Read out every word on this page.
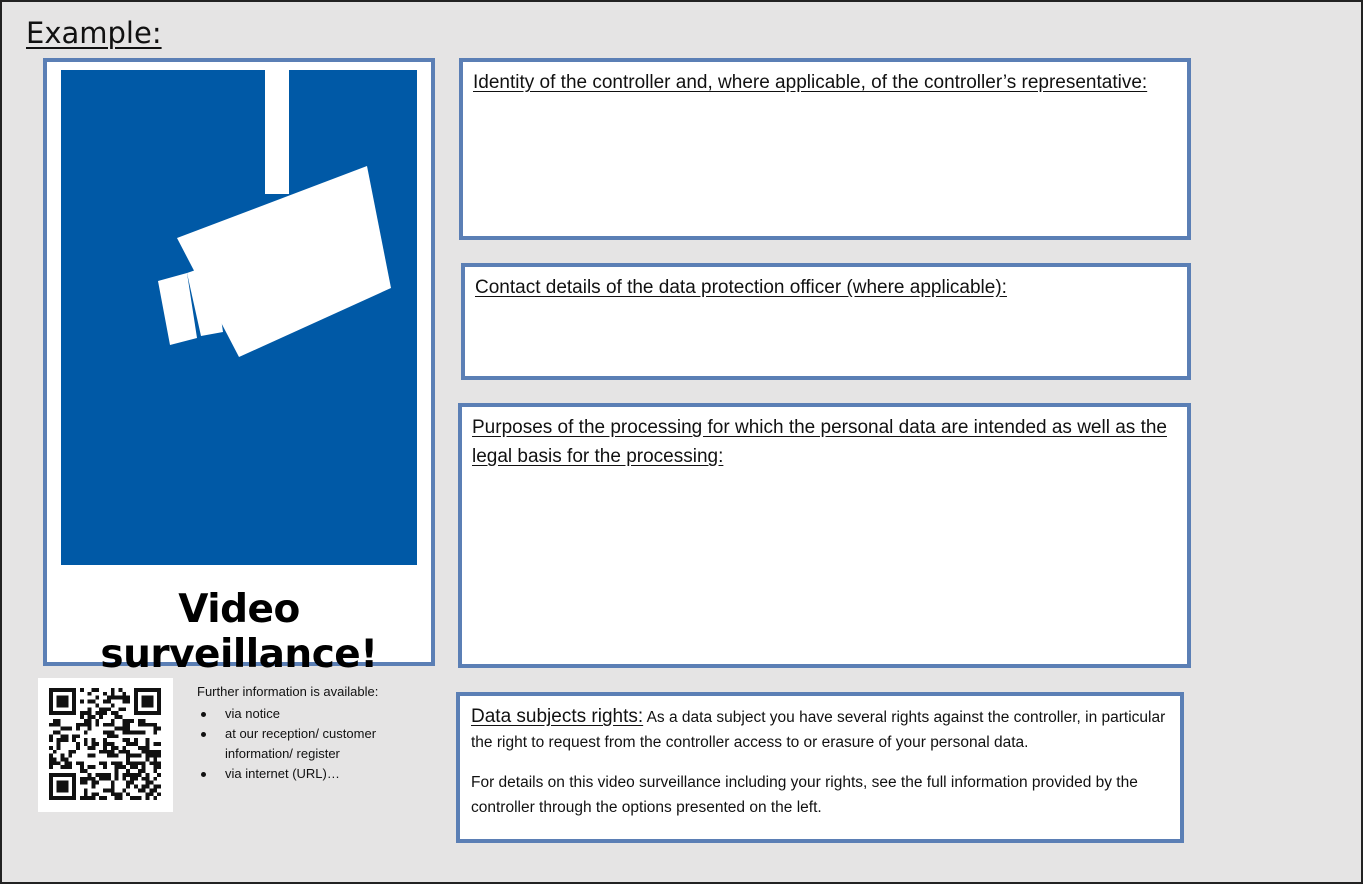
Example:
Video surveillance!
Further information is available:
via notice
at our reception/ customer information/ register
via internet (URL)…
Identity of the controller and, where applicable, of the controller’s representative:
Contact details of the data protection officer (where applicable):
Purposes of the processing for which the personal data are intended as well as the legal basis for the processing:

Data subjects rights: As a data subject you have several rights against the controller, in particular the right to request from the controller access to or erasure of your personal data.

For details on this video surveillance including your rights, see the full information provided by the controller through the options presented on the left.
